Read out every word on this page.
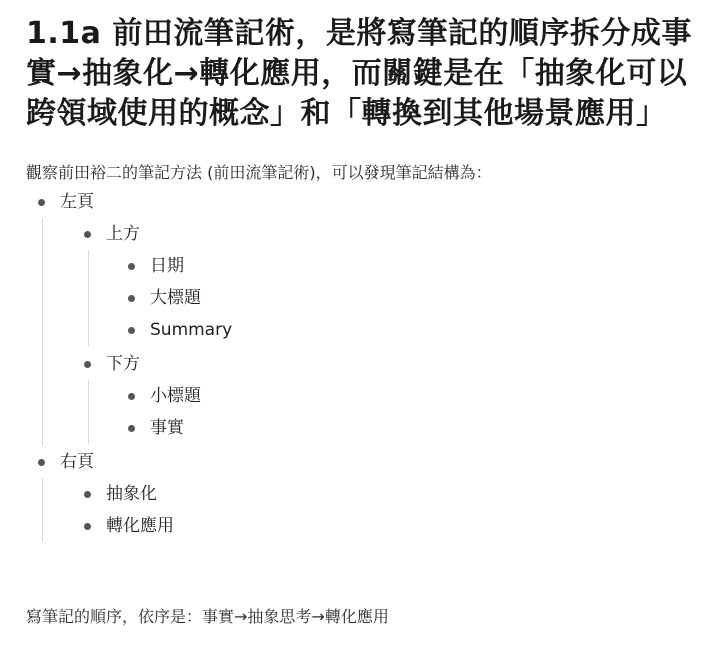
1.1a 前田流筆記術，是將寫筆記的順序拆分成事實→抽象化→轉化應用，而關鍵是在「抽象化可以跨領域使用的概念」和「轉換到其他場景應用」

觀察前田裕二的筆記方法 (前田流筆記術)，可以發現筆記結構為：

左頁
上方
日期
大標題
Summary
下方
小標題
事實
右頁
抽象化
轉化應用

寫筆記的順序，依序是：事實→抽象思考→轉化應用
